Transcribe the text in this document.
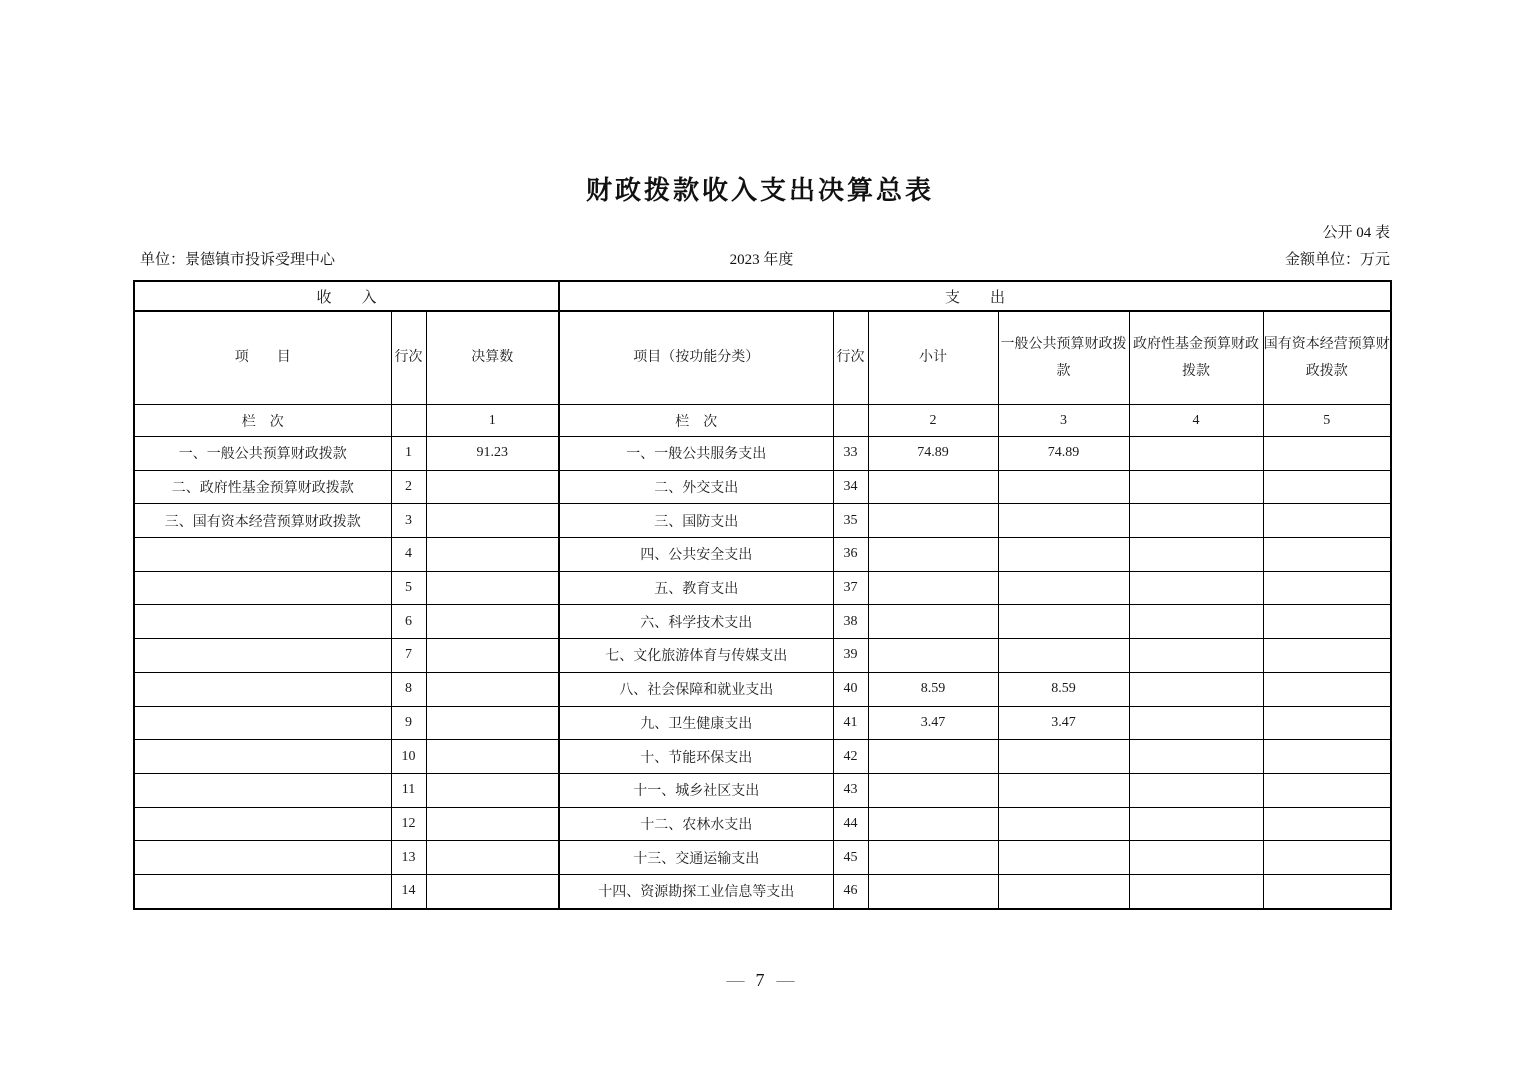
财政拨款收入支出决算总表
公开 04 表
单位：景德镇市投诉受理中心	2023 年度	金额单位：万元
收　　入			支　　出					
项　　目	行次	决算数	项目（按功能分类）	行次	小计	一般公共预算财政拨款	政府性基金预算财政拨款	国有资本经营预算财政拨款
栏　次		1	栏　次		2	3	4	5
一、一般公共预算财政拨款	1	91.23	一、一般公共服务支出	33	74.89	74.89		
二、政府性基金预算财政拨款	2		二、外交支出	34				
三、国有资本经营预算财政拨款	3		三、国防支出	35				
	4		四、公共安全支出	36				
	5		五、教育支出	37				
	6		六、科学技术支出	38				
	7		七、文化旅游体育与传媒支出	39				
	8		八、社会保障和就业支出	40	8.59	8.59		
	9		九、卫生健康支出	41	3.47	3.47		
	10		十、节能环保支出	42				
	11		十一、城乡社区支出	43				
	12		十二、农林水支出	44				
	13		十三、交通运输支出	45				
	14		十四、资源勘探工业信息等支出	46				
— 7 —
